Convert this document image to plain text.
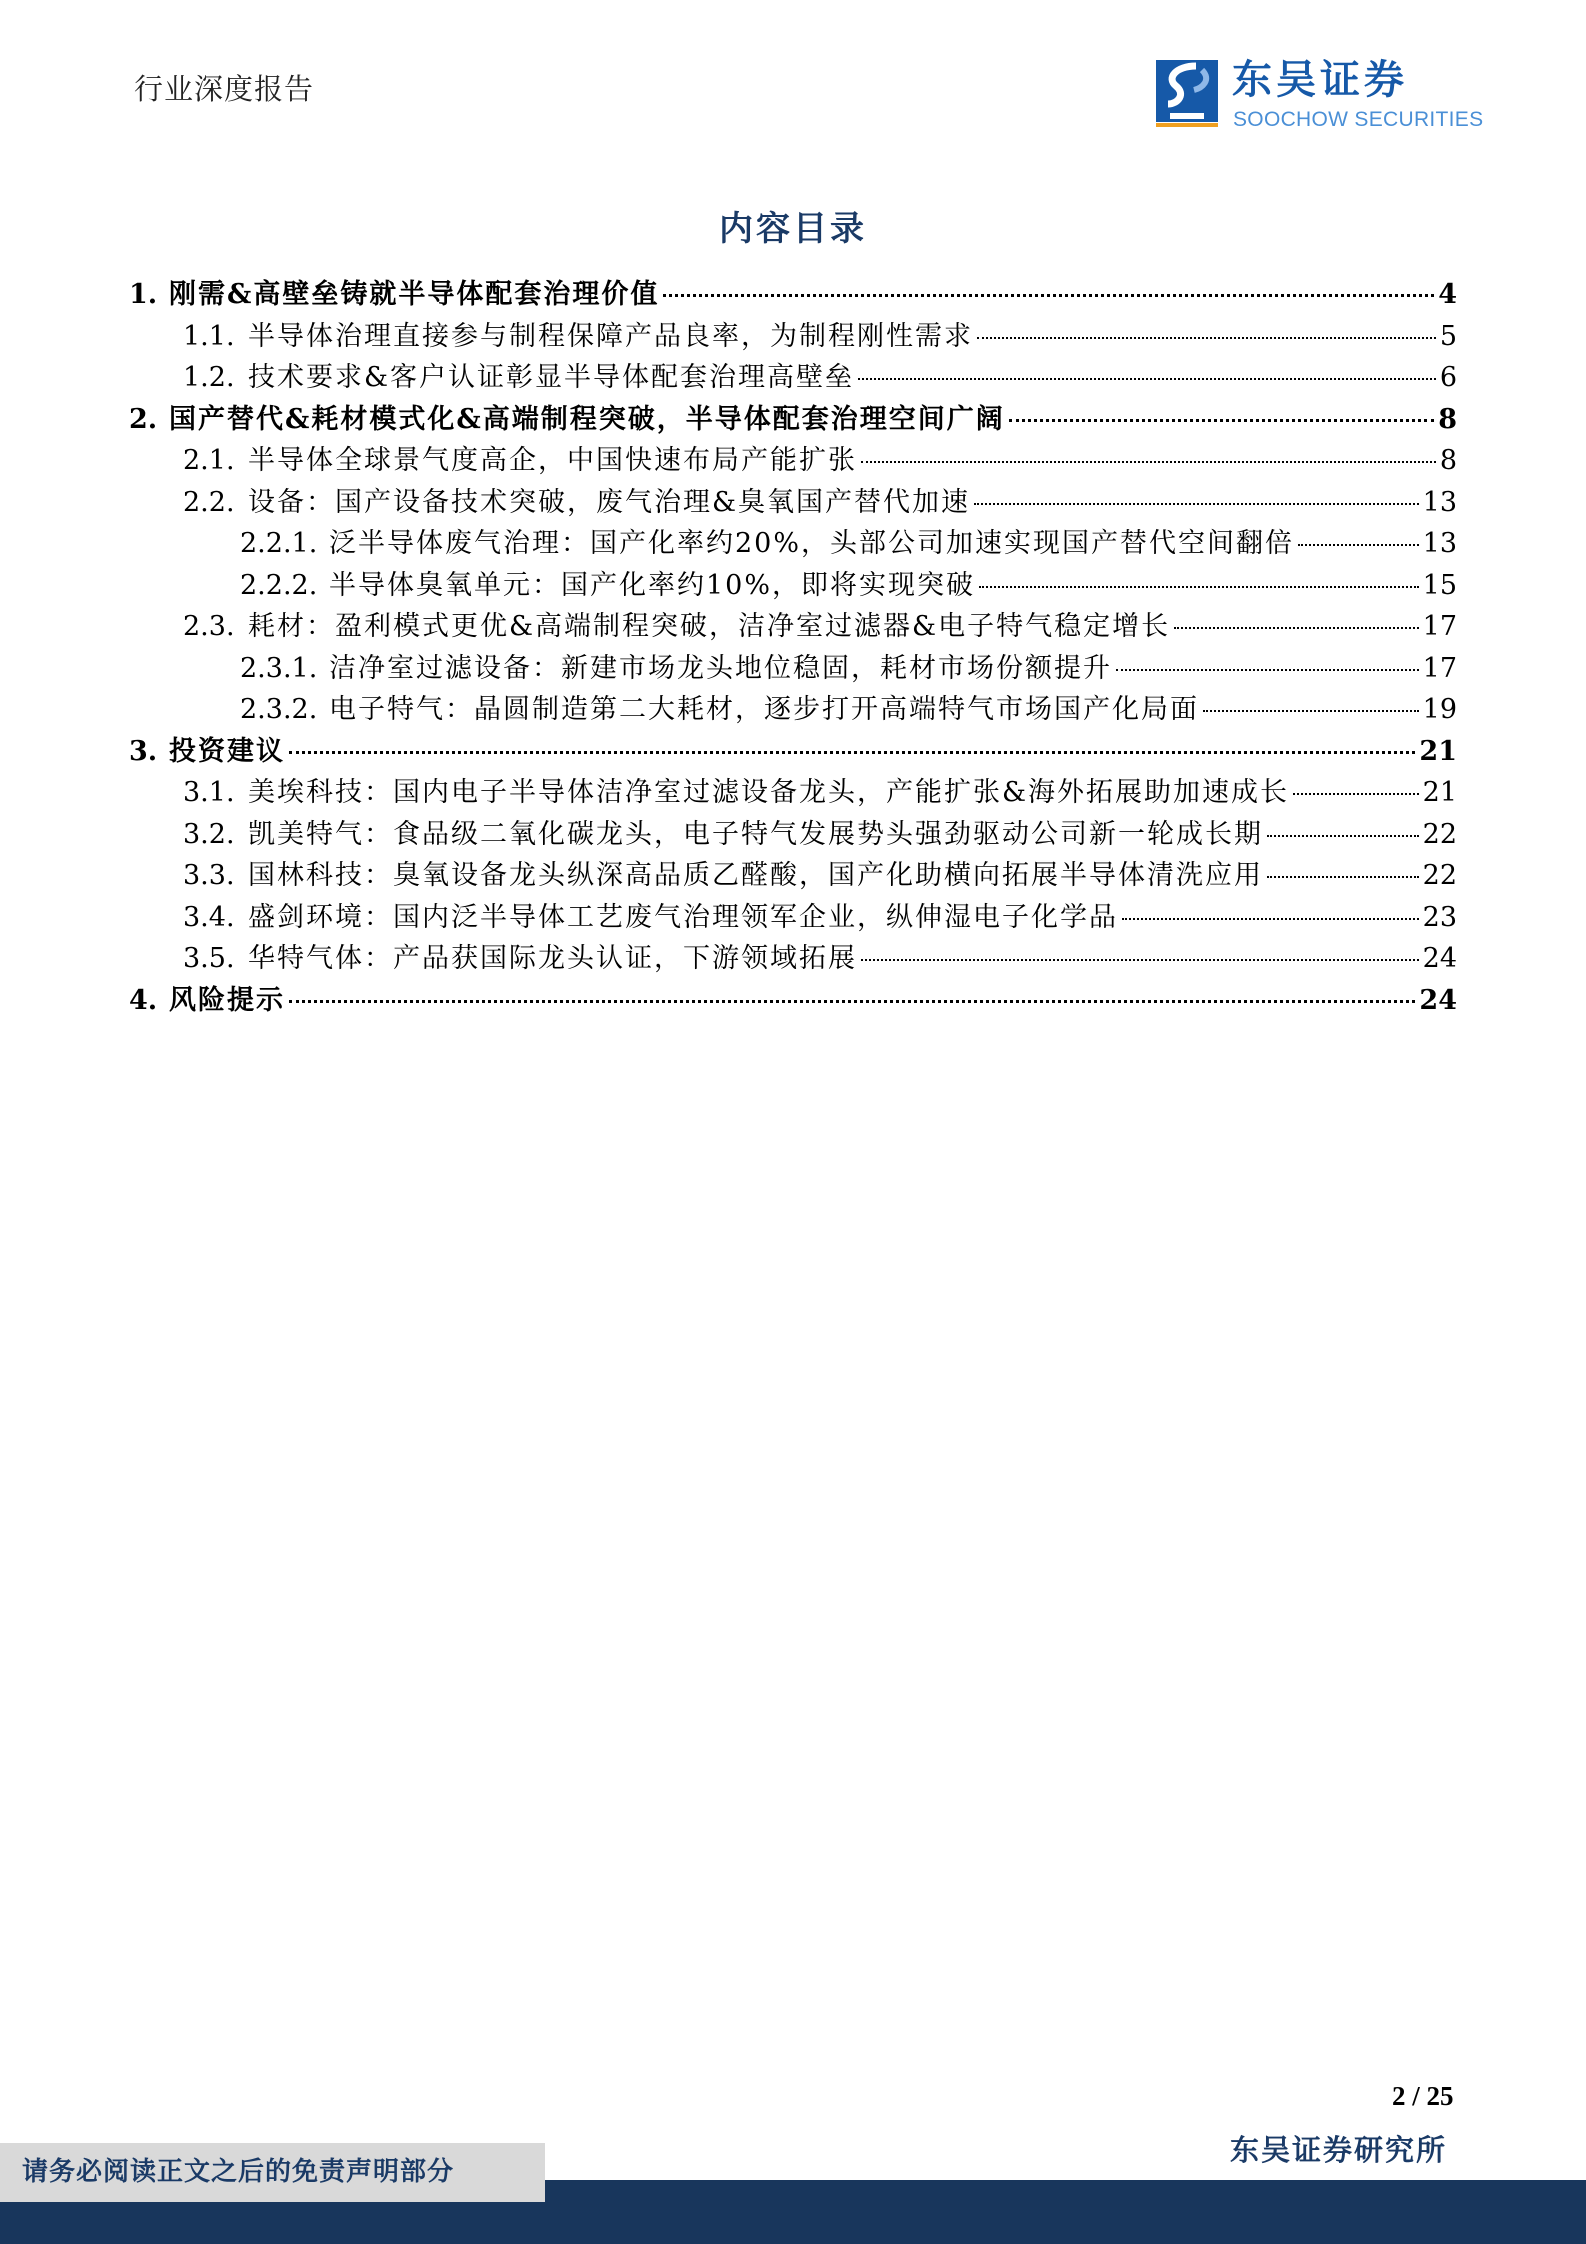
行业深度报告	东吴证券
SOOCHOW SECURITIES
内容目录
1. 刚需&高壁垒铸就半导体配套治理价值	4
1.1. 半导体治理直接参与制程保障产品良率，为制程刚性需求	5
1.2. 技术要求&客户认证彰显半导体配套治理高壁垒	6
2. 国产替代&耗材模式化&高端制程突破，半导体配套治理空间广阔	8
2.1. 半导体全球景气度高企，中国快速布局产能扩张	8
2.2. 设备：国产设备技术突破，废气治理&臭氧国产替代加速	13
2.2.1. 泛半导体废气治理：国产化率约20%，头部公司加速实现国产替代空间翻倍	13
2.2.2. 半导体臭氧单元：国产化率约10%，即将实现突破	15
2.3. 耗材：盈利模式更优&高端制程突破，洁净室过滤器&电子特气稳定增长	17
2.3.1. 洁净室过滤设备：新建市场龙头地位稳固，耗材市场份额提升	17
2.3.2. 电子特气：晶圆制造第二大耗材，逐步打开高端特气市场国产化局面	19
3. 投资建议	21
3.1. 美埃科技：国内电子半导体洁净室过滤设备龙头，产能扩张&海外拓展助加速成长	21
3.2. 凯美特气：食品级二氧化碳龙头，电子特气发展势头强劲驱动公司新一轮成长期	22
3.3. 国林科技：臭氧设备龙头纵深高品质乙醛酸，国产化助横向拓展半导体清洗应用	22
3.4. 盛剑环境：国内泛半导体工艺废气治理领军企业，纵伸湿电子化学品	23
3.5. 华特气体：产品获国际龙头认证，下游领域拓展	24
4. 风险提示	24
2 / 25
东吴证券研究所
请务必阅读正文之后的免责声明部分
